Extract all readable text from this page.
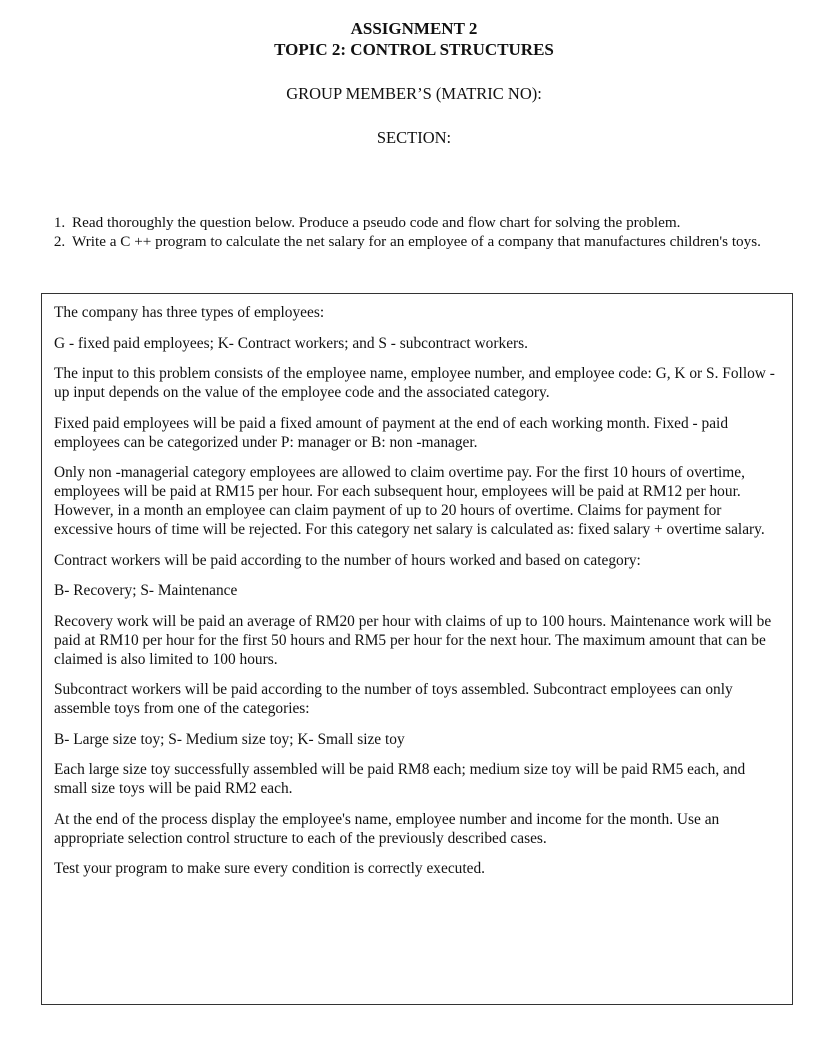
ASSIGNMENT 2
TOPIC 2: CONTROL STRUCTURES
GROUP MEMBER’S (MATRIC NO):
SECTION:
1. Read thoroughly the question below. Produce a pseudo code and flow chart for solving the problem.
2. Write a C ++ program to calculate the net salary for an employee of a company that manufactures children's toys.

The company has three types of employees:

G - fixed paid employees; K- Contract workers; and S - subcontract workers.

The input to this problem consists of the employee name, employee number, and employee code: G, K or S. Follow -up input depends on the value of the employee code and the associated category.

Fixed paid employees will be paid a fixed amount of payment at the end of each working month. Fixed - paid employees can be categorized under P: manager or B: non -manager.

Only non -managerial category employees are allowed to claim overtime pay. For the first 10 hours of overtime, employees will be paid at RM15 per hour. For each subsequent hour, employees will be paid at RM12 per hour. However, in a month an employee can claim payment of up to 20 hours of overtime. Claims for payment for excessive hours of time will be rejected. For this category net salary is calculated as: fixed salary + overtime salary.

Contract workers will be paid according to the number of hours worked and based on category:

B- Recovery; S- Maintenance

Recovery work will be paid an average of RM20 per hour with claims of up to 100 hours. Maintenance work will be paid at RM10 per hour for the first 50 hours and RM5 per hour for the next hour. The maximum amount that can be claimed is also limited to 100 hours.

Subcontract workers will be paid according to the number of toys assembled. Subcontract employees can only assemble toys from one of the categories:

B- Large size toy; S- Medium size toy; K- Small size toy

Each large size toy successfully assembled will be paid RM8 each; medium size toy will be paid RM5 each, and small size toys will be paid RM2 each.

At the end of the process display the employee's name, employee number and income for the month. Use an appropriate selection control structure to each of the previously described cases.

Test your program to make sure every condition is correctly executed.
